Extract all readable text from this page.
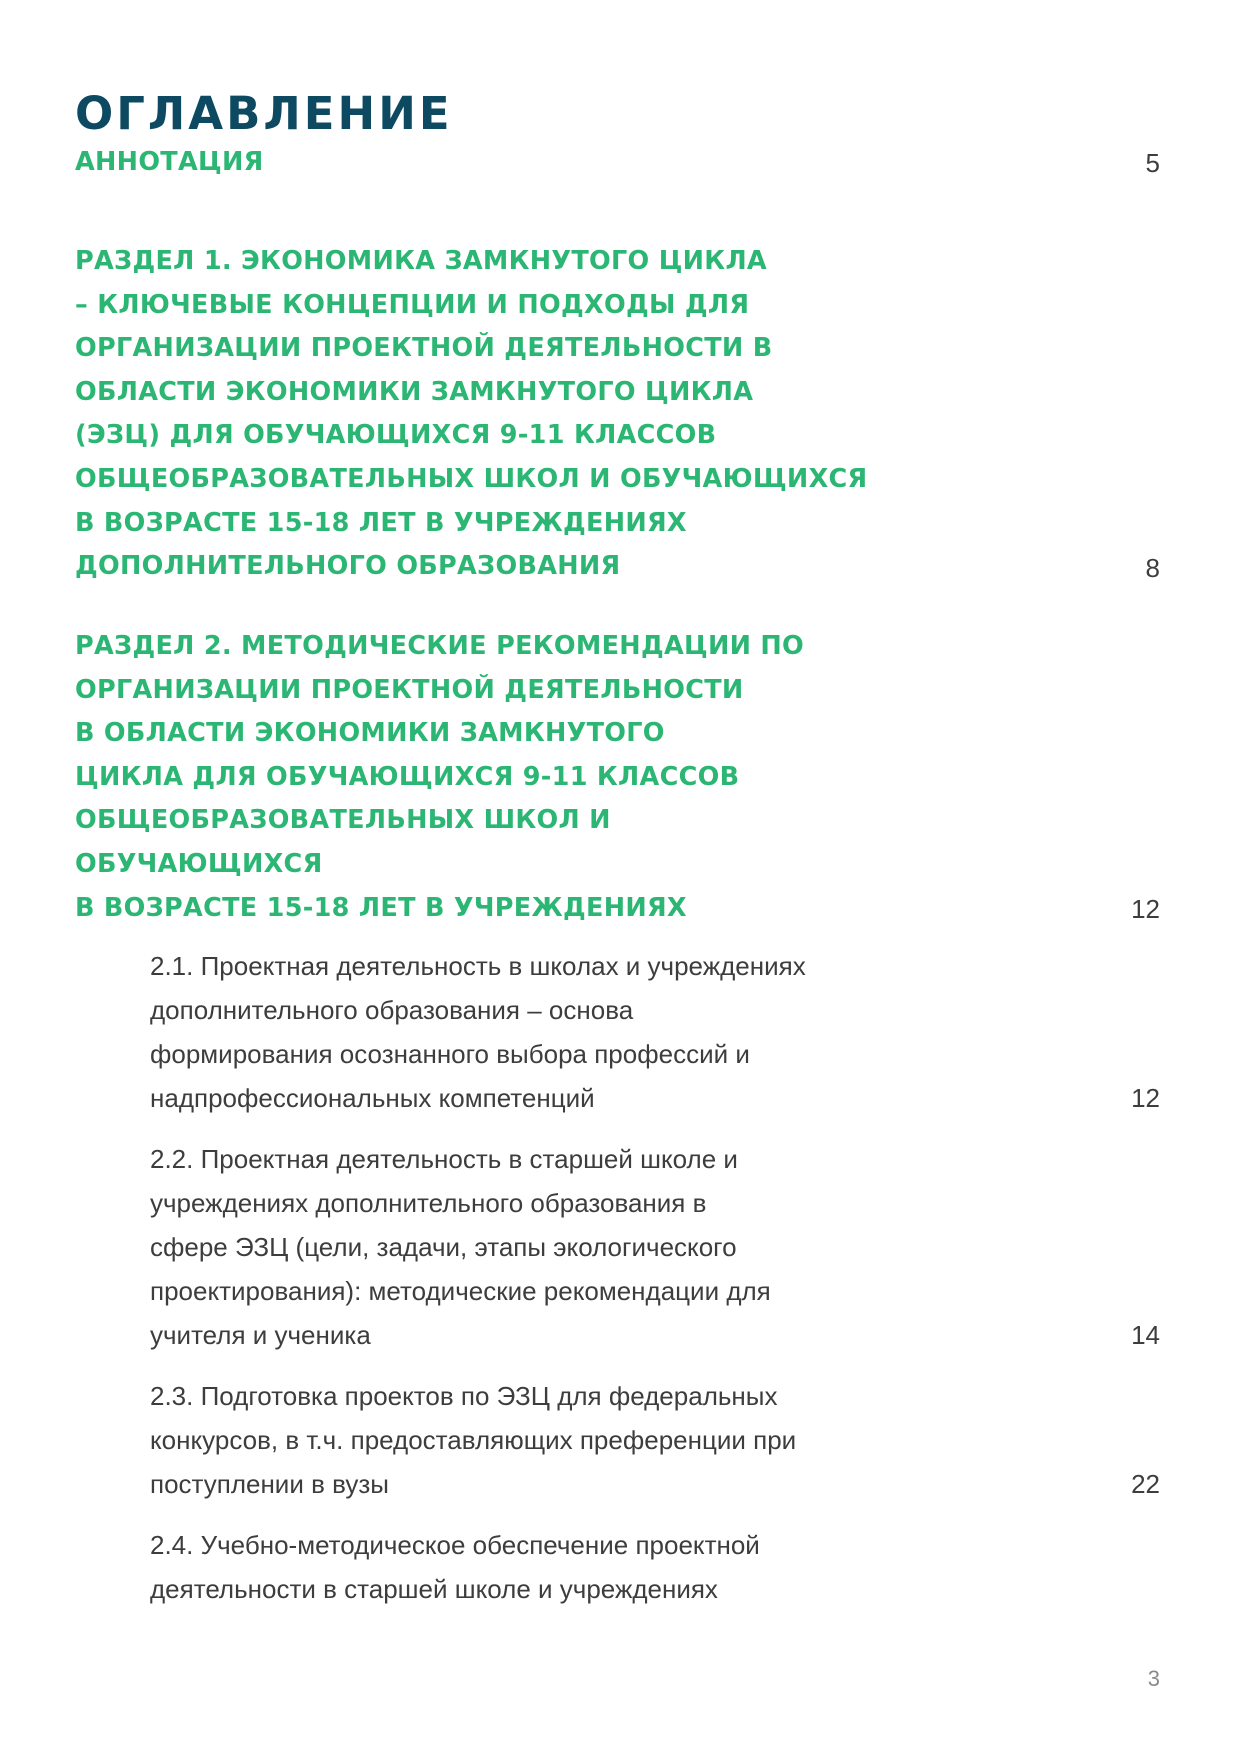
ОГЛАВЛЕНИЕ
АННОТАЦИЯ	5
РАЗДЕЛ 1. ЭКОНОМИКА ЗАМКНУТОГО ЦИКЛА
– КЛЮЧЕВЫЕ КОНЦЕПЦИИ И ПОДХОДЫ ДЛЯ
ОРГАНИЗАЦИИ ПРОЕКТНОЙ ДЕЯТЕЛЬНОСТИ В
ОБЛАСТИ ЭКОНОМИКИ ЗАМКНУТОГО ЦИКЛА
(ЭЗЦ) ДЛЯ ОБУЧАЮЩИХСЯ 9-11 КЛАССОВ
ОБЩЕОБРАЗОВАТЕЛЬНЫХ ШКОЛ И ОБУЧАЮЩИХСЯ
В ВОЗРАСТЕ 15-18 ЛЕТ В УЧРЕЖДЕНИЯХ
ДОПОЛНИТЕЛЬНОГО ОБРАЗОВАНИЯ	8
РАЗДЕЛ 2. МЕТОДИЧЕСКИЕ РЕКОМЕНДАЦИИ ПО
ОРГАНИЗАЦИИ ПРОЕКТНОЙ ДЕЯТЕЛЬНОСТИ
В ОБЛАСТИ ЭКОНОМИКИ ЗАМКНУТОГО
ЦИКЛА ДЛЯ ОБУЧАЮЩИХСЯ 9-11 КЛАССОВ
ОБЩЕОБРАЗОВАТЕЛЬНЫХ ШКОЛ И
ОБУЧАЮЩИХСЯ
В ВОЗРАСТЕ 15-18 ЛЕТ В УЧРЕЖДЕНИЯХ	12
2.1. Проектная деятельность в школах и учреждениях
дополнительного образования – основа
формирования осознанного выбора профессий и
надпрофессиональных компетенций	12
2.2. Проектная деятельность в старшей школе и
учреждениях дополнительного образования в
сфере ЭЗЦ (цели, задачи, этапы экологического
проектирования): методические рекомендации для
учителя и ученика	14
2.3. Подготовка проектов по ЭЗЦ для федеральных
конкурсов, в т.ч. предоставляющих преференции при
поступлении в вузы	22
2.4. Учебно-методическое обеспечение проектной
деятельности в старшей школе и учреждениях
3
